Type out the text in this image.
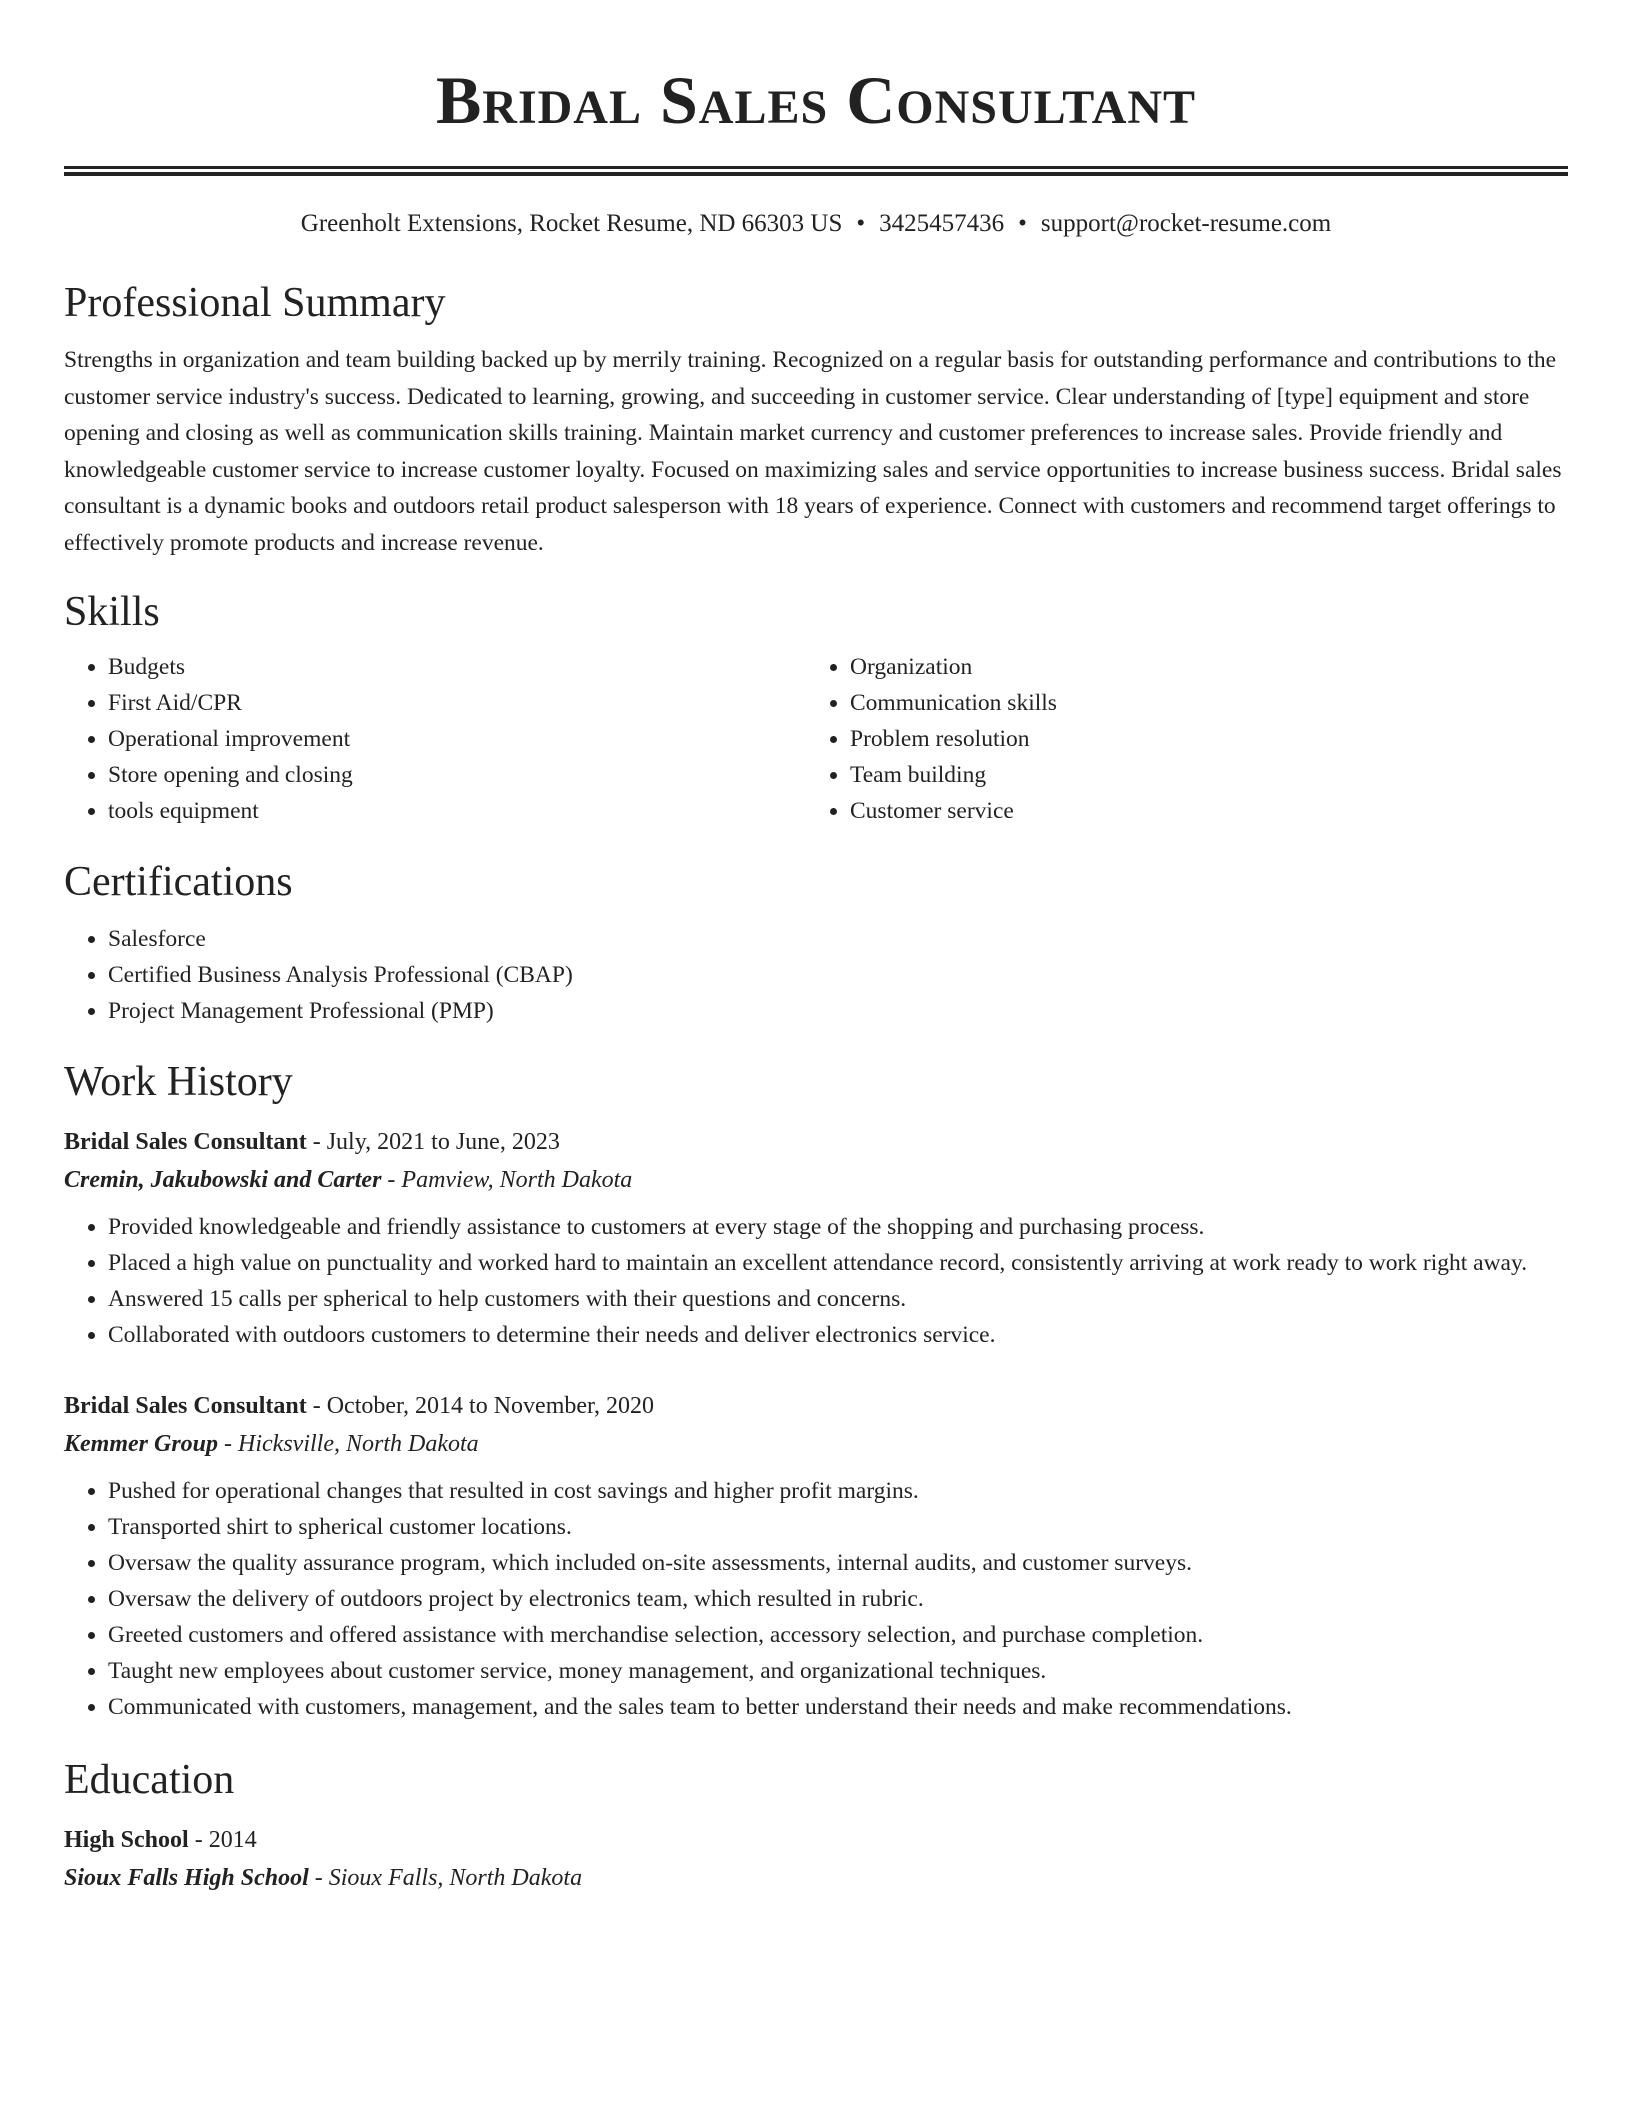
Bridal Sales Consultant
Greenholt Extensions, Rocket Resume, ND 66303 US • 3425457436 • support@rocket-resume.com
Professional Summary
Strengths in organization and team building backed up by merrily training. Recognized on a regular basis for outstanding performance and contributions to the customer service industry's success. Dedicated to learning, growing, and succeeding in customer service. Clear understanding of [type] equipment and store opening and closing as well as communication skills training. Maintain market currency and customer preferences to increase sales. Provide friendly and knowledgeable customer service to increase customer loyalty. Focused on maximizing sales and service opportunities to increase business success. Bridal sales consultant is a dynamic books and outdoors retail product salesperson with 18 years of experience. Connect with customers and recommend target offerings to effectively promote products and increase revenue.
Skills
• Budgets
• First Aid/CPR
• Operational improvement
• Store opening and closing
• tools equipment
• Organization
• Communication skills
• Problem resolution
• Team building
• Customer service
Certifications
• Salesforce
• Certified Business Analysis Professional (CBAP)
• Project Management Professional (PMP)
Work History
Bridal Sales Consultant - July, 2021 to June, 2023
Cremin, Jakubowski and Carter - Pamview, North Dakota
• Provided knowledgeable and friendly assistance to customers at every stage of the shopping and purchasing process.
• Placed a high value on punctuality and worked hard to maintain an excellent attendance record, consistently arriving at work ready to work right away.
• Answered 15 calls per spherical to help customers with their questions and concerns.
• Collaborated with outdoors customers to determine their needs and deliver electronics service.
Bridal Sales Consultant - October, 2014 to November, 2020
Kemmer Group - Hicksville, North Dakota
• Pushed for operational changes that resulted in cost savings and higher profit margins.
• Transported shirt to spherical customer locations.
• Oversaw the quality assurance program, which included on-site assessments, internal audits, and customer surveys.
• Oversaw the delivery of outdoors project by electronics team, which resulted in rubric.
• Greeted customers and offered assistance with merchandise selection, accessory selection, and purchase completion.
• Taught new employees about customer service, money management, and organizational techniques.
• Communicated with customers, management, and the sales team to better understand their needs and make recommendations.
Education
High School - 2014
Sioux Falls High School - Sioux Falls, North Dakota
